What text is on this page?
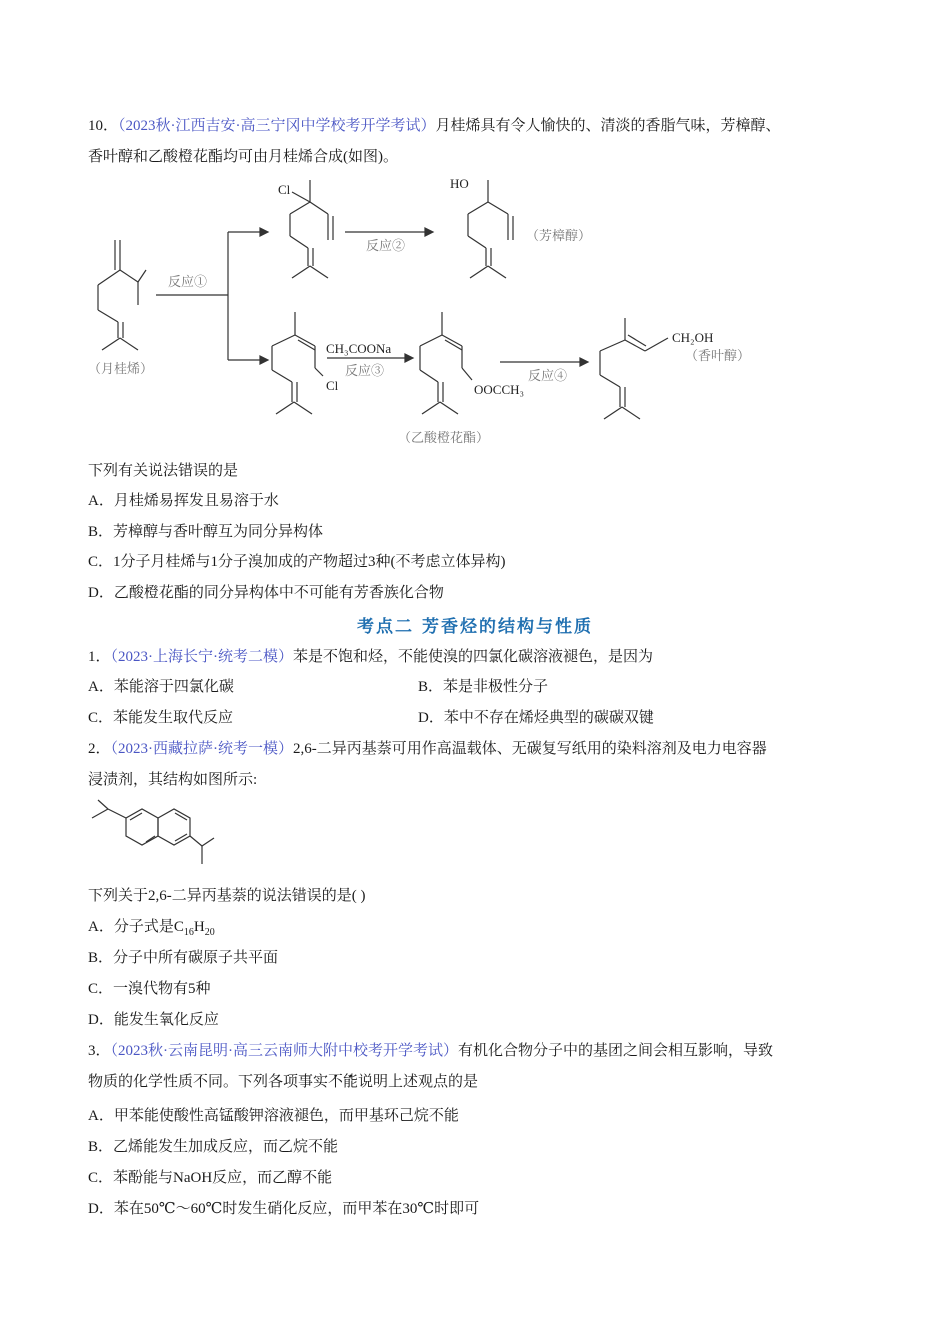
10．（2023秋·江西吉安·高三宁冈中学校考开学考试）月桂烯具有令人愉快的、清淡的香脂气味，芳樟醇、
香叶醇和乙酸橙花酯均可由月桂烯合成(如图)。
（月桂烯）
反应①
反应②
反应③	反应④
（芳樟醇）
（香叶醇）
（乙酸橙花酯）
CH₃COONa
Cl
Cl
HO
CH₂OH
OOCCH₃
下列有关说法错误的是
A．月桂烯易挥发且易溶于水
B．芳樟醇与香叶醇互为同分异构体
C．1分子月桂烯与1分子溴加成的产物超过3种(不考虑立体异构)
D．乙酸橙花酯的同分异构体中不可能有芳香族化合物
考点二 芳香烃的结构与性质
1．（2023·上海长宁·统考二模）苯是不饱和烃，不能使溴的四氯化碳溶液褪色，是因为
A．苯能溶于四氯化碳	B．苯是非极性分子
C．苯能发生取代反应	D．苯中不存在烯烃典型的碳碳双键
2．（2023·西藏拉萨·统考一模）2,6-二异丙基萘可用作高温载体、无碳复写纸用的染料溶剂及电力电容器
浸渍剂，其结构如图所示:
下列关于2,6-二异丙基萘的说法错误的是( )
A．分子式是$C_{16}H_{20}$
B．分子中所有碳原子共平面
C．一溴代物有5种
D．能发生氧化反应
3．（2023秋·云南昆明·高三云南师大附中校考开学考试）有机化合物分子中的基团之间会相互影响，导致
物质的化学性质不同。下列各项事实不能说明上述观点的是
A．甲苯能使酸性高锰酸钾溶液褪色，而甲基环己烷不能
B．乙烯能发生加成反应，而乙烷不能
C．苯酚能与NaOH反应，而乙醇不能
D．苯在50℃～60℃时发生硝化反应，而甲苯在30℃时即可
